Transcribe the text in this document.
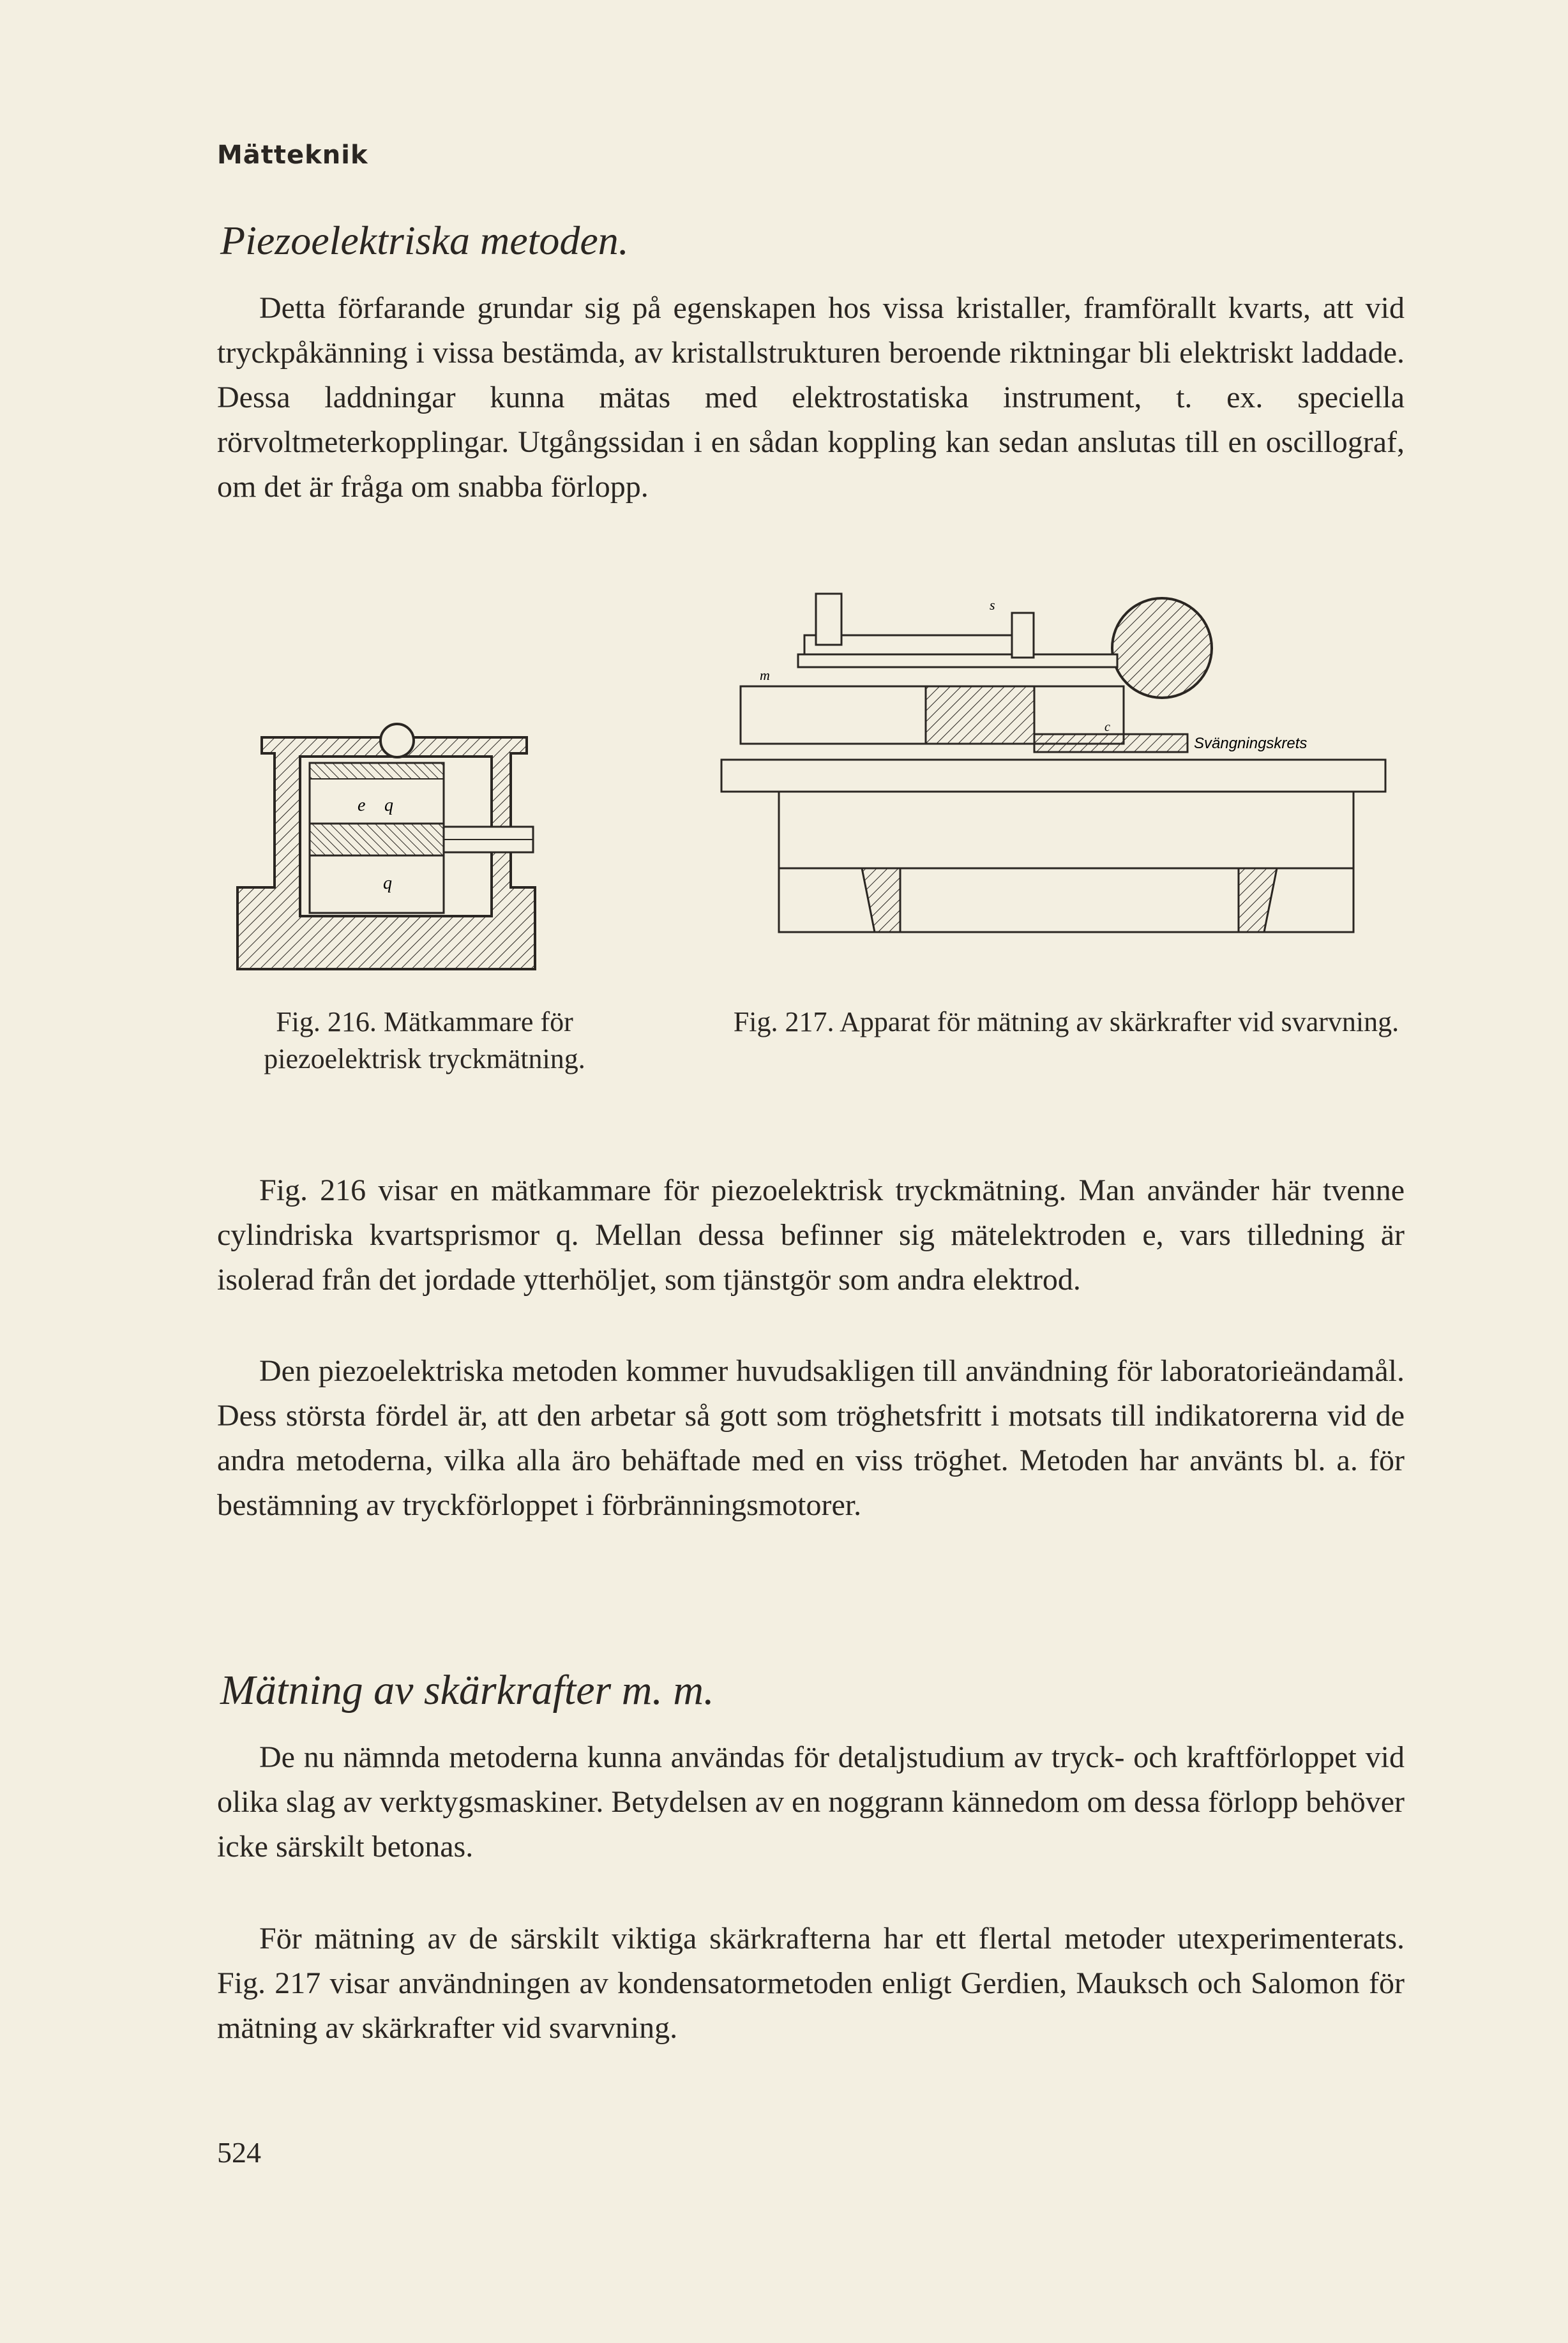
Mätteknik
Piezoelektriska metoden.

Detta förfarande grundar sig på egenskapen hos vissa kristaller, framförallt kvarts, att vid tryckpåkänning i vissa bestämda, av kristallstrukturen beroende riktningar bli elektriskt laddade. Dessa laddningar kunna mätas med elektrostatiska instrument, t. ex. speciella rörvoltmeterkopplingar. Utgångssidan i en sådan koppling kan sedan anslutas till en oscillograf, om det är fråga om snabba förlopp.

e q
q
s
m
c
Svängningskrets

Fig. 216. Mätkammare för piezoelektrisk tryckmätning.

Fig. 217. Apparat för mätning av skärkrafter vid svarvning.

Fig. 216 visar en mätkammare för piezoelektrisk tryckmätning. Man använder här tvenne cylindriska kvartsprismor q. Mellan dessa befinner sig mätelektroden e, vars tilledning är isolerad från det jordade ytterhöljet, som tjänstgör som andra elektrod.

Den piezoelektriska metoden kommer huvudsakligen till användning för laboratorieändamål. Dess största fördel är, att den arbetar så gott som tröghetsfritt i motsats till indikatorerna vid de andra metoderna, vilka alla äro behäftade med en viss tröghet. Metoden har använts bl. a. för bestämning av tryckförloppet i förbränningsmotorer.

Mätning av skärkrafter m. m.

De nu nämnda metoderna kunna användas för detaljstudium av tryck- och kraftförloppet vid olika slag av verktygsmaskiner. Betydelsen av en noggrann kännedom om dessa förlopp behöver icke särskilt betonas.

För mätning av de särskilt viktiga skärkrafterna har ett flertal metoder utexperimenterats. Fig. 217 visar användningen av kondensatormetoden enligt Gerdien, Mauksch och Salomon för mätning av skärkrafter vid svarvning.

524
